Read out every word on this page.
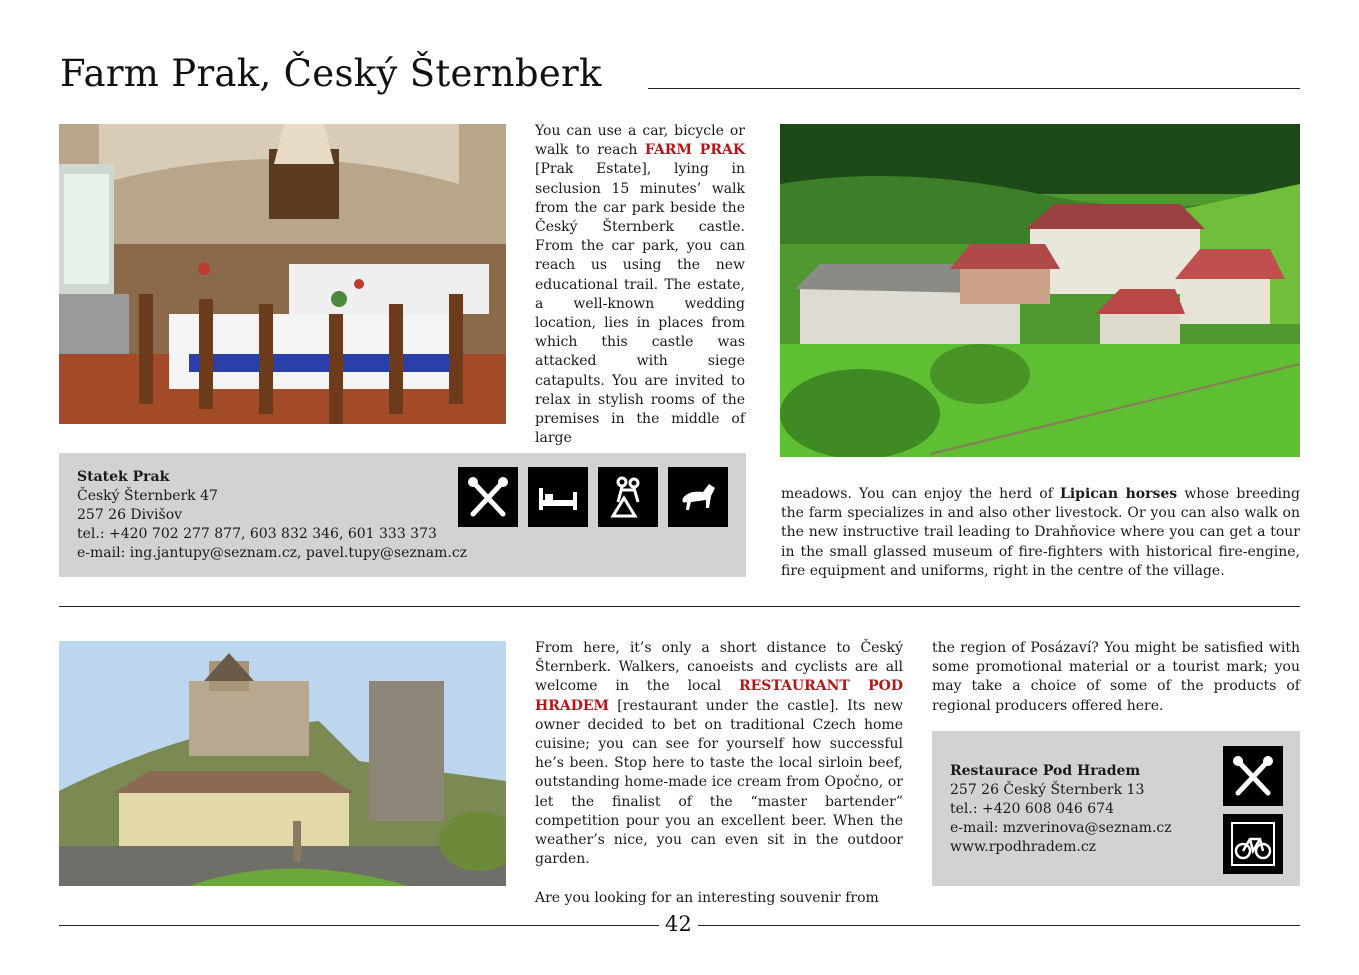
Farm Prak, Český Šternberk

You can use a car, bicycle or walk to reach FARM PRAK [Prak Estate], lying in seclusion 15 minutes’ walk from the car park beside the Český Šternberk castle. From the car park, you can reach us using the new educational trail. The estate, a well-known wedding location, lies in places from which this castle was attacked with siege catapults. You are invited to relax in stylish rooms of the premises in the middle of large

Statek Prak
Český Šternberk 47
257 26 Divišov
tel.: +420 702 277 877, 603 832 346, 601 333 373
e-mail: ing.jantupy@seznam.cz, pavel.tupy@seznam.cz

meadows. You can enjoy the herd of Lipican horses whose breeding the farm specializes in and also other livestock. Or you can also walk on the new instructive trail leading to Drahňovice where you can get a tour in the small glassed museum of fire-fighters with historical fire-engine, fire equipment and uniforms, right in the centre of the village.

From here, it’s only a short distance to Český Šternberk. Walkers, canoeists and cyclists are all welcome in the local RESTAURANT POD HRADEM [restaurant under the castle]. Its new owner decided to bet on traditional Czech home cuisine; you can see for yourself how successful he’s been. Stop here to taste the local sirloin beef, outstanding home-made ice cream from Opočno, or let the finalist of the “master bartender” competition pour you an excellent beer. When the weather’s nice, you can even sit in the outdoor garden.

Are you looking for an interesting souvenir from

the region of Posázaví? You might be satisfied with some promotional material or a tourist mark; you may take a choice of some of the products of regional producers offered here.

Restaurace Pod Hradem
257 26 Český Šternberk 13
tel.: +420 608 046 674
e-mail: mzverinova@seznam.cz
www.rpodhradem.cz
42
